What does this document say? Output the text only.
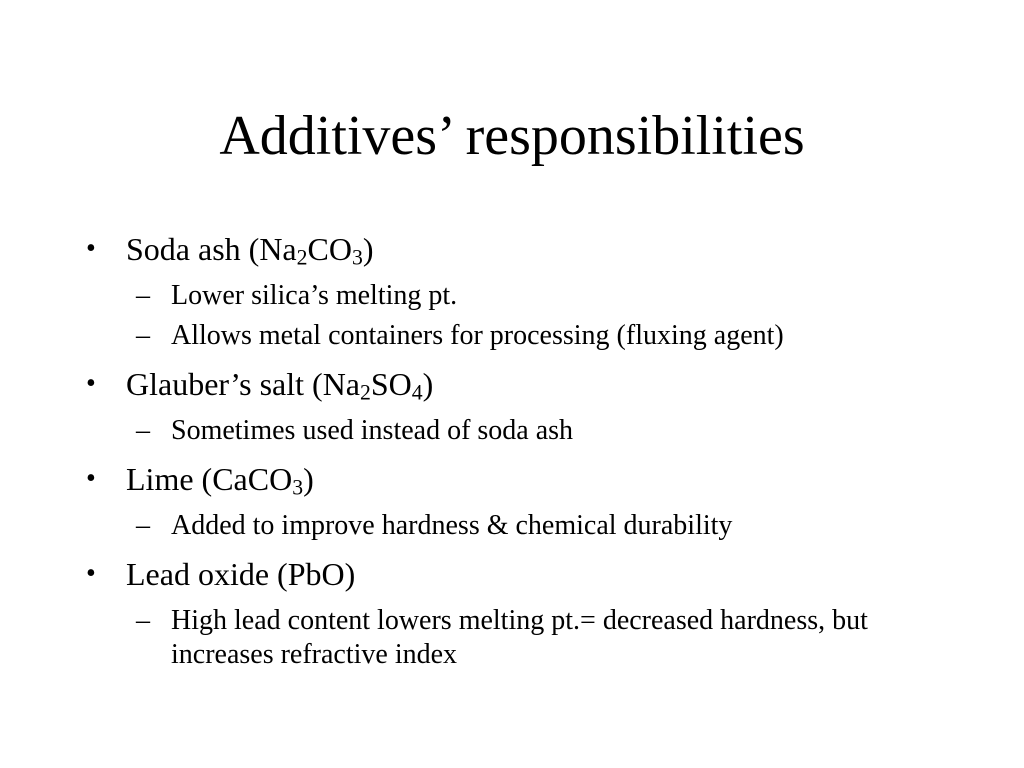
Additives’ responsibilities
• Soda ash $(Na_2CO_3)$
– Lower silica’s melting pt.
– Allows metal containers for processing (fluxing agent)
• Glauber’s salt $(Na_2SO_4)$
– Sometimes used instead of soda ash
• Lime (CaCO$_3$)
– Added to improve hardness & chemical durability
• Lead oxide (PbO)
– High lead content lowers melting pt.= decreased hardness, but increases refractive index
